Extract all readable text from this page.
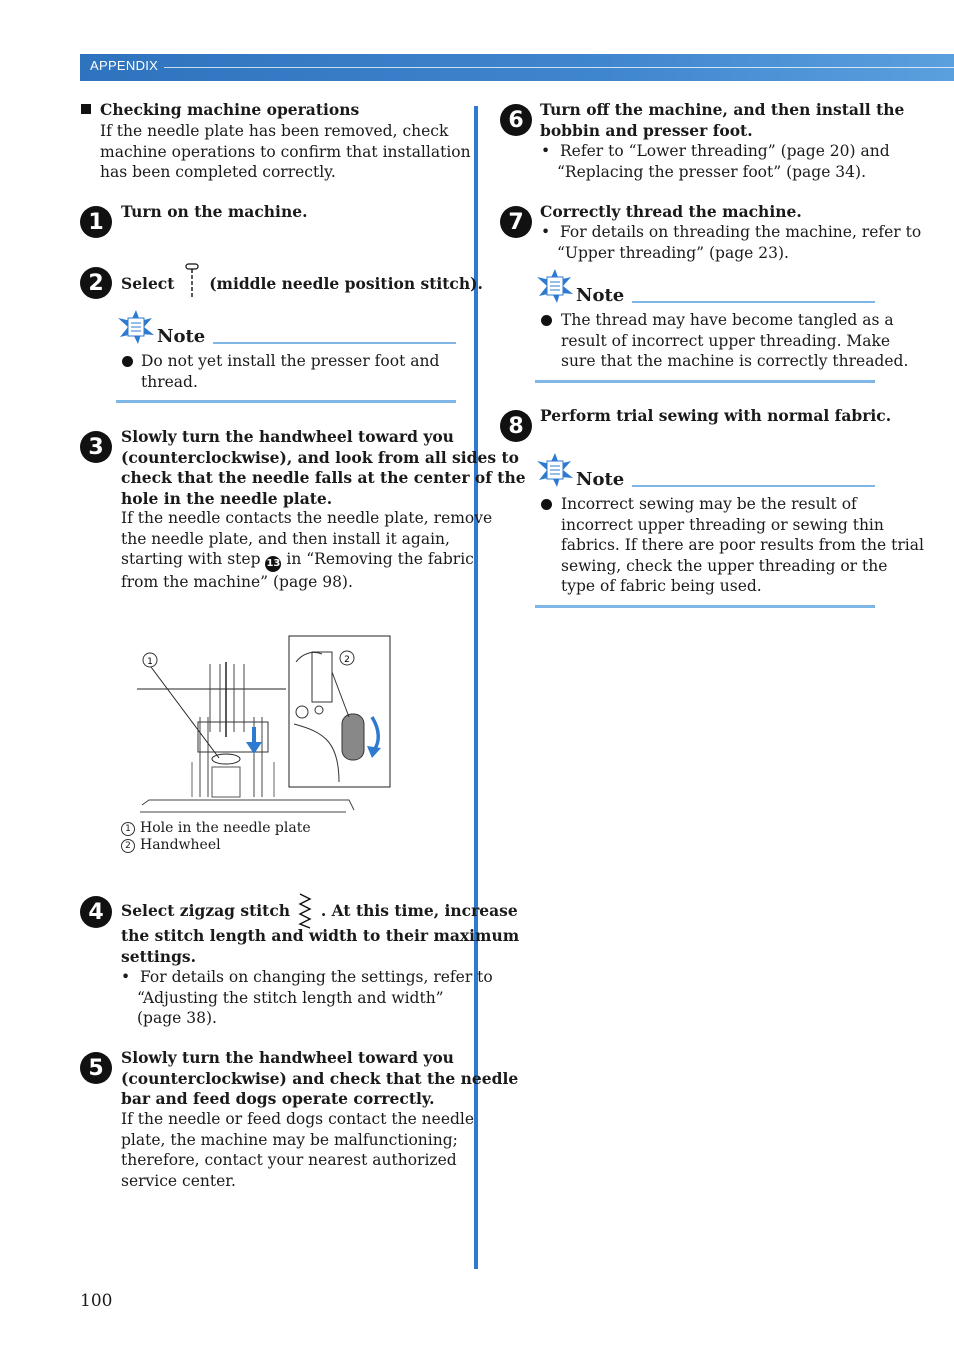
APPENDIX
Checking machine operations
If the needle plate has been removed, check
machine operations to confirm that installation
has been completed correctly.
1	Turn on the machine.
2	Select (middle needle position stitch).
Note
Do not yet install the presser foot and
thread.
3	Slowly turn the handwheel toward you
(counterclockwise), and look from all sides to
check that the needle falls at the center of the
hole in the needle plate.
If the needle contacts the needle plate, remove
the needle plate, and then install it again,
starting with step 13 in “Removing the fabric
from the machine” (page 98).
1	2
1 Hole in the needle plate
2 Handwheel
4	Select zigzag stitch . At this time, increase
the stitch length and width to their maximum
settings.
•  For details on changing the settings, refer to
“Adjusting the stitch length and width”
(page 38).
5	Slowly turn the handwheel toward you
(counterclockwise) and check that the needle
bar and feed dogs operate correctly.
If the needle or feed dogs contact the needle
plate, the machine may be malfunctioning;
therefore, contact your nearest authorized
service center.
6	Turn off the machine, and then install the
bobbin and presser foot.
•  Refer to “Lower threading” (page 20) and
“Replacing the presser foot” (page 34).
7	Correctly thread the machine.
•  For details on threading the machine, refer to
“Upper threading” (page 23).
Note
The thread may have become tangled as a
result of incorrect upper threading. Make
sure that the machine is correctly threaded.
8	Perform trial sewing with normal fabric.
Note
Incorrect sewing may be the result of
incorrect upper threading or sewing thin
fabrics. If there are poor results from the trial
sewing, check the upper threading or the
type of fabric being used.
100
